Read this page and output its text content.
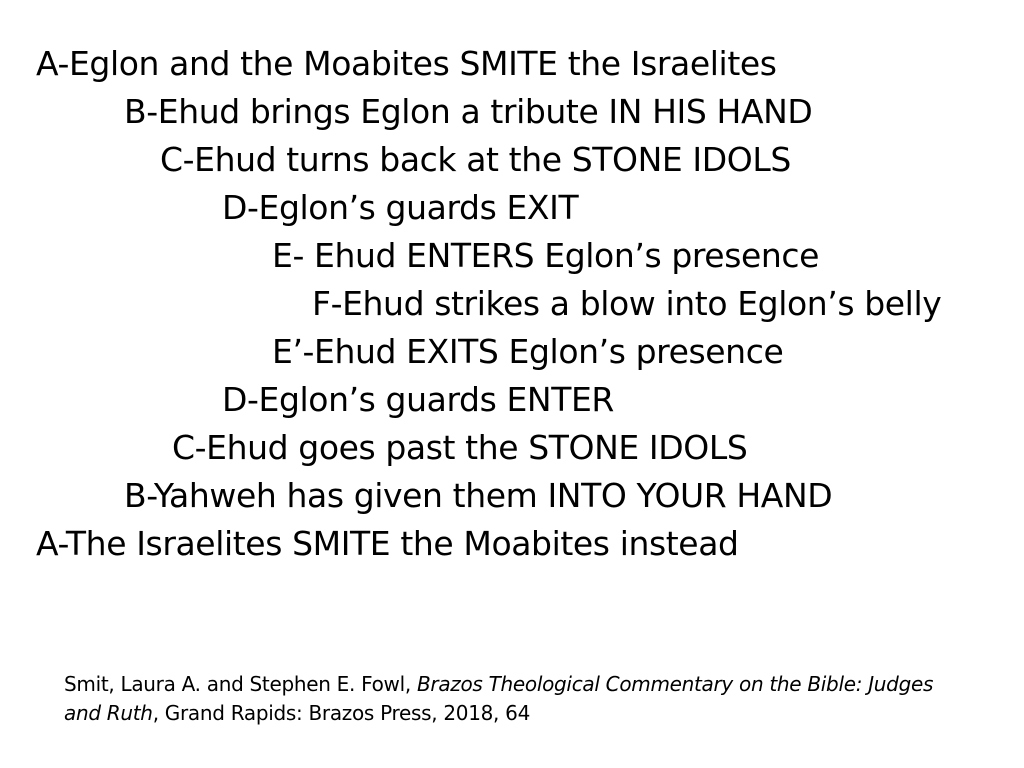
A-Eglon and the Moabites SMITE the Israelites
B-Ehud brings Eglon a tribute IN HIS HAND
C-Ehud turns back at the STONE IDOLS
D-Eglon’s guards EXIT
E- Ehud ENTERS Eglon’s presence
F-Ehud strikes a blow into Eglon’s belly
E’-Ehud EXITS Eglon’s presence
D-Eglon’s guards ENTER
C-Ehud goes past the STONE IDOLS
B-Yahweh has given them INTO YOUR HAND
A-The Israelites SMITE the Moabites instead
Smit, Laura A. and Stephen E. Fowl, Brazos Theological Commentary on the Bible: Judges and Ruth, Grand Rapids: Brazos Press, 2018, 64
